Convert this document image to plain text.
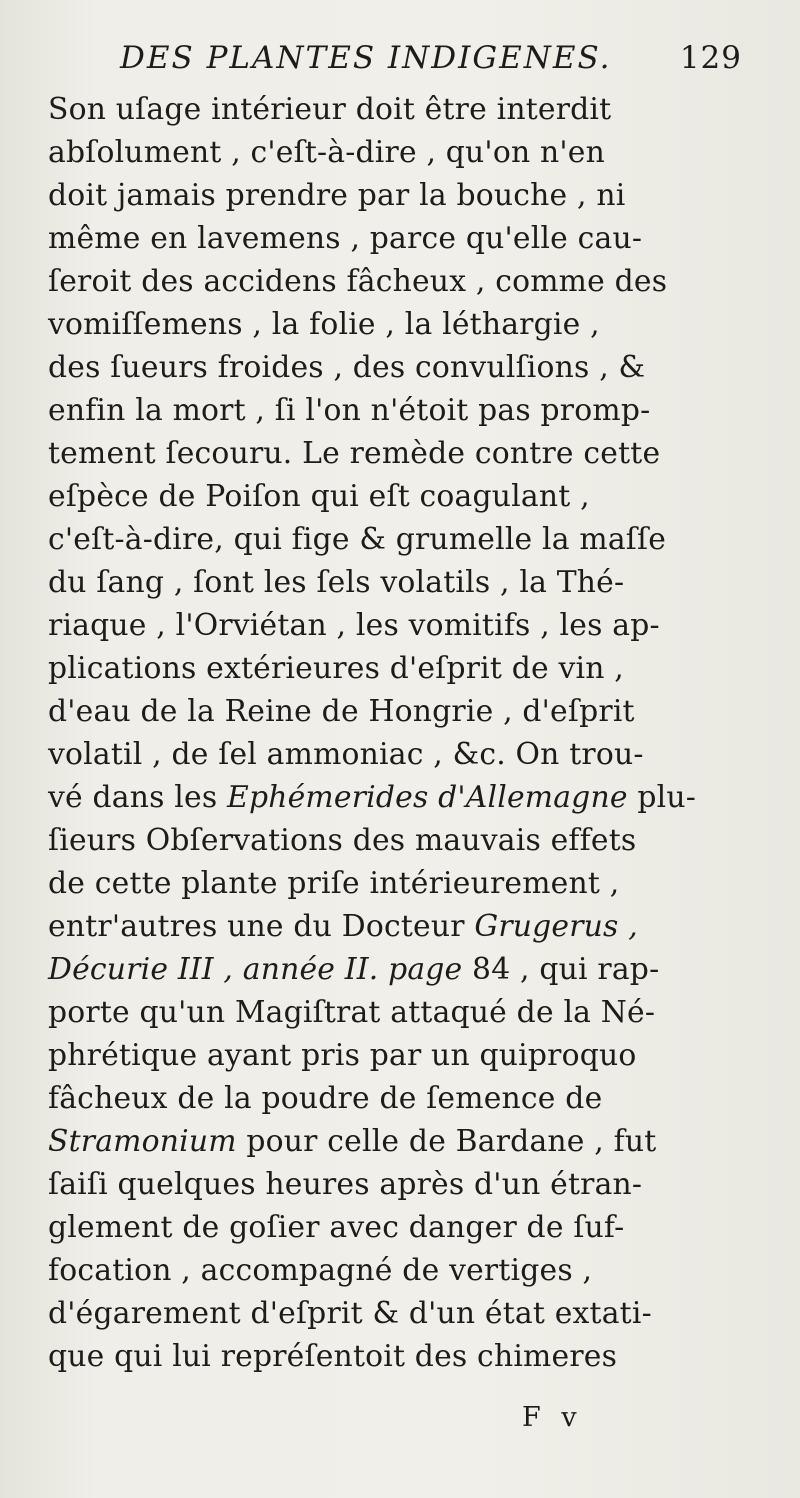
DES PLANTES INDIGENES. 129
Son uſage intérieur doit être interdit
abſolument , c'eſt-à-dire , qu'on n'en
doit jamais prendre par la bouche , ni
même en lavemens , parce qu'elle cau-
ſeroit des accidens fâcheux , comme des
vomiſſemens , la folie , la léthargie ,
des ſueurs froides , des convulſions , &
enfin la mort , ſi l'on n'étoit pas promp-
tement ſecouru. Le remède contre cette
eſpèce de Poiſon qui eſt coagulant ,
c'eſt-à-dire, qui fige & grumelle la maſſe
du ſang , ſont les ſels volatils , la Thé-
riaque , l'Orviétan , les vomitifs , les ap-
plications extérieures d'eſprit de vin ,
d'eau de la Reine de Hongrie , d'eſprit
volatil , de ſel ammoniac , &c. On trou-
vé dans les Ephémerides d'Allemagne plu-
ſieurs Obſervations des mauvais effets
de cette plante priſe intérieurement ,
entr'autres une du Docteur Grugerus ,
Décurie III , année II. page 84 , qui rap-
porte qu'un Magiſtrat attaqué de la Né-
phrétique ayant pris par un quiproquo
fâcheux de la poudre de ſemence de
Stramonium pour celle de Bardane , fut
ſaiſi quelques heures après d'un étran-
glement de goſier avec danger de ſuf-
focation , accompagné de vertiges ,
d'égarement d'eſprit & d'un état extati-
que qui lui repréſentoit des chimeres
F v
